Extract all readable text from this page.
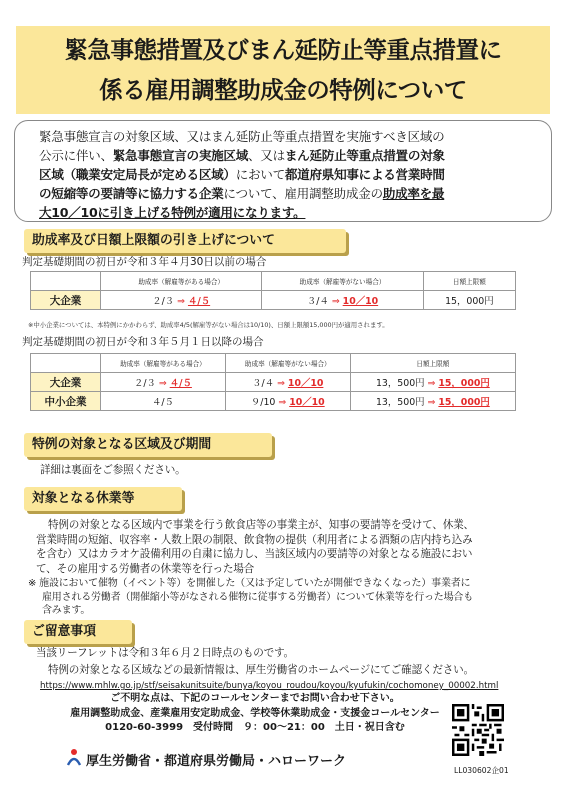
緊急事態措置及びまん延防止等重点措置に
係る雇用調整助成金の特例について
緊急事態宣言の対象区域、又はまん延防止等重点措置を実施すべき区域の
公示に伴い、緊急事態宣言の実施区域、又はまん延防止等重点措置の対象
区域（職業安定局長が定める区域）において都道府県知事による営業時間
の短縮等の要請等に協力する企業について、雇用調整助成金の助成率を最
大10／10に引き上げる特例が適用になります。
助成率及び日額上限額の引き上げについて
判定基礎期間の初日が令和３年４月30日以前の場合
	助成率（解雇等がある場合）	助成率（解雇等がない場合）	日額上限額
大企業	２/３ ⇒ ４/５	３/４ ⇒ 10／10	15，000円
※中小企業については、本特例にかかわらず、助成率4/5(解雇等がない場合は10/10)、日額上限額15,000円が適用されます。
判定基礎期間の初日が令和３年５月１日以降の場合
	助成率（解雇等がある場合）	助成率（解雇等がない場合）	日額上限額
大企業	２/３ ⇒ ４/５	３/４ ⇒ 10／10	13，500円 ⇒ 15，000円
中小企業	４/５	９/10 ⇒ 10／10	13，500円 ⇒ 15，000円
特例の対象となる区域及び期間
詳細は裏面をご参照ください。
対象となる休業等
特例の対象となる区域内で事業を行う飲食店等の事業主が、知事の要請等を受けて、休業、
営業時間の短縮、収容率・人数上限の制限、飲食物の提供（利用者による酒類の店内持ち込み
を含む）又はカラオケ設備利用の自粛に協力し、当該区域内の要請等の対象となる施設におい
て、その雇用する労働者の休業等を行った場合
※ 施設において催物（イベント等）を開催した（又は予定していたが開催できなくなった）事業者に
雇用される労働者（開催縮小等がなされる催物に従事する労働者）について休業等を行った場合も
含みます。
ご留意事項
当該リーフレットは令和３年６月２日時点のものです。
特例の対象となる区域などの最新情報は、厚生労働省のホームページにてご確認ください。
https://www.mhlw.go.jp/stf/seisakunitsuite/bunya/koyou_roudou/koyou/kyufukin/cochomoney_00002.html
ご不明な点は、下記のコールセンターまでお問い合わせ下さい。
雇用調整助成金、産業雇用安定助成金、学校等休業助成金・支援金コールセンター
0120-60-3999　受付時間　９：00～21：00　土日・祝日含む
厚生労働省・都道府県労働局・ハローワーク
LL030602企01
